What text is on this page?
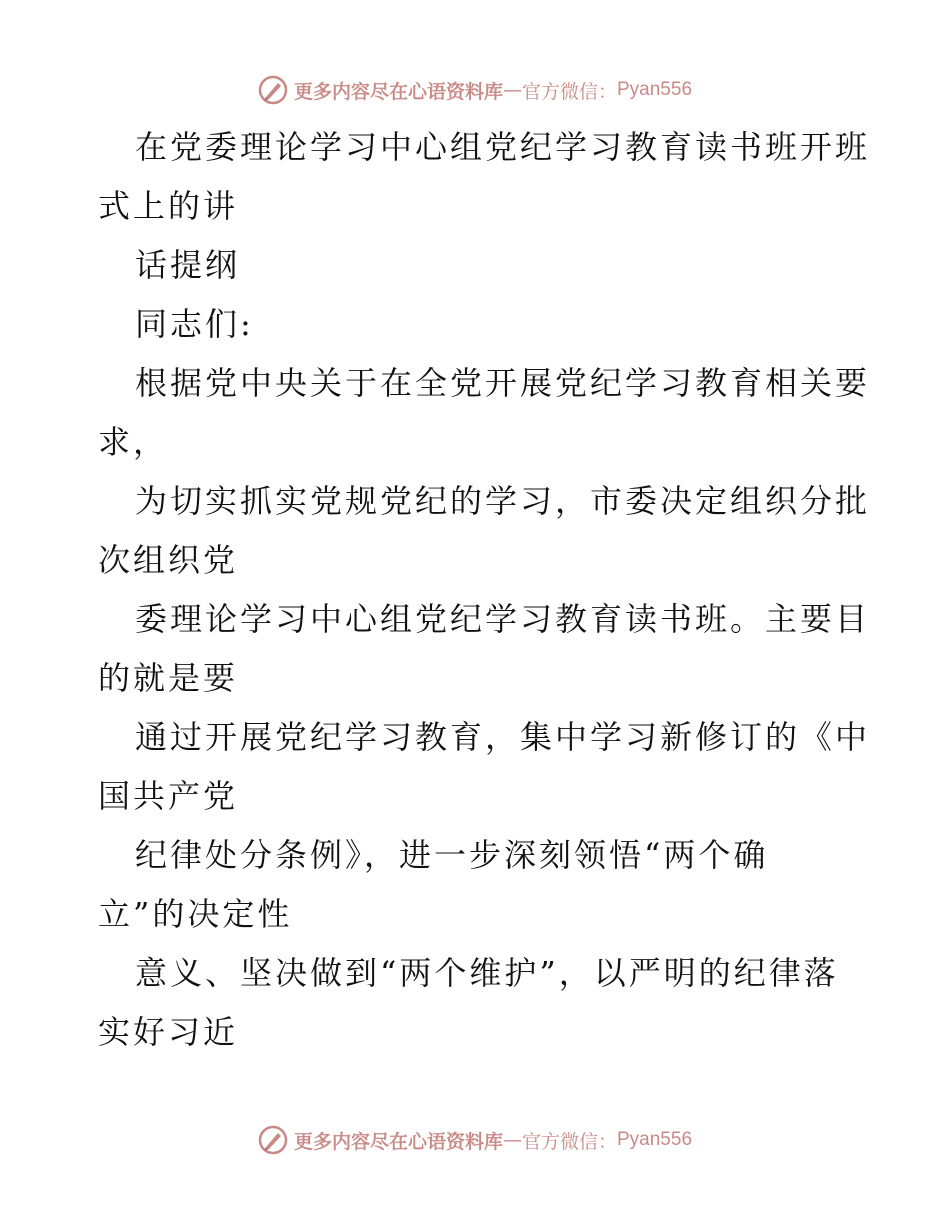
更多内容尽在心语资料库 — 官方微信： Pyan556
在党委理论学习中心组党纪学习教育读书班开班
式上的讲
话提纲
同志们:
根据党中央关于在全党开展党纪学习教育相关要
求，
为切实抓实党规党纪的学习，市委决定组织分批
次组织党
委理论学习中心组党纪学习教育读书班。主要目
的就是要
通过开展党纪学习教育，集中学习新修订的《中
国共产党
纪律处分条例》，进一步深刻领悟“两个确
立”的决定性
意义、坚决做到“两个维护”，以严明的纪律落
实好习近
更多内容尽在心语资料库 — 官方微信： Pyan556
